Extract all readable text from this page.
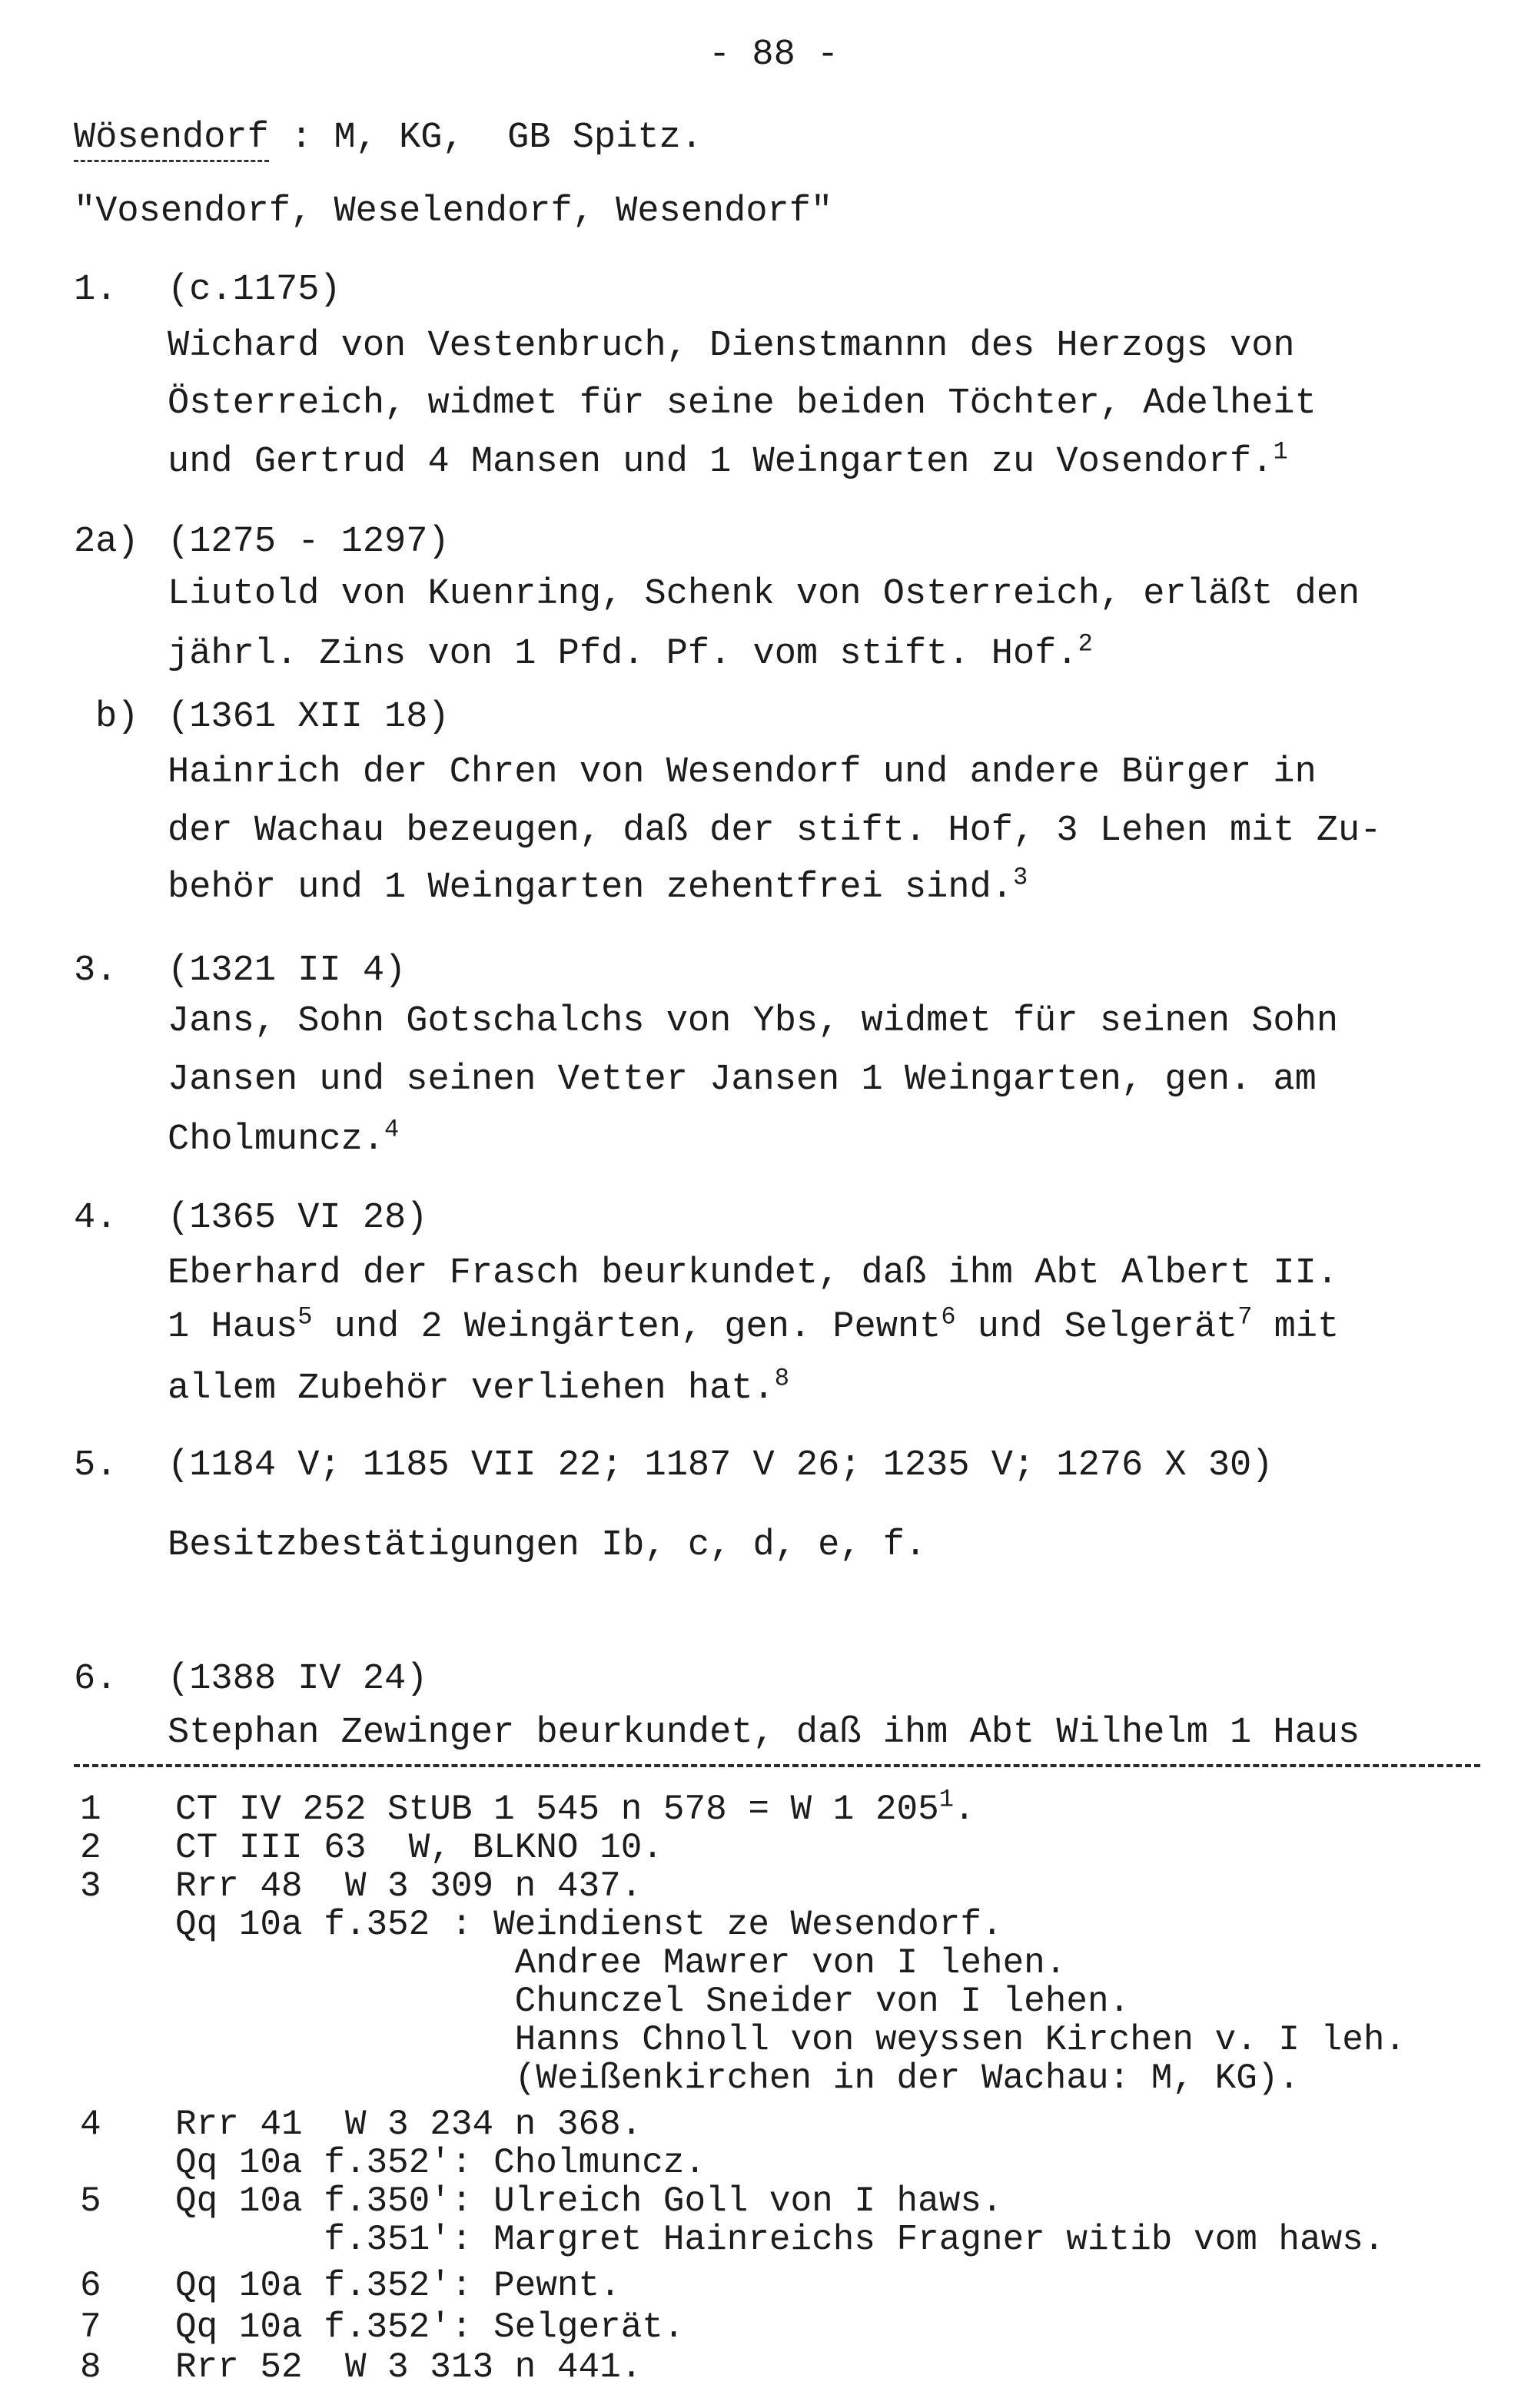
- 88 -
Wösendorf : M, KG,  GB Spitz.
"Vosendorf, Weselendorf, Wesendorf"
1. (c.1175)
Wichard von Vestenbruch, Dienstmannn des Herzogs von
Österreich, widmet für seine beiden Töchter, Adelheit
und Gertrud 4 Mansen und 1 Weingarten zu Vosendorf.$^1$
2a) (1275 - 1297)
Liutold von Kuenring, Schenk von Osterreich, erläßt den
jährl. Zins von 1 Pfd. Pf. vom stift. Hof.$^2$
b) (1361 XII 18)
Hainrich der Chren von Wesendorf und andere Bürger in
der Wachau bezeugen, daß der stift. Hof, 3 Lehen mit Zu-
behör und 1 Weingarten zehentfrei sind.$^3$
3. (1321 II 4)
Jans, Sohn Gotschalchs von Ybs, widmet für seinen Sohn
Jansen und seinen Vetter Jansen 1 Weingarten, gen. am
Cholmuncz.$^4$
4. (1365 VI 28)
Eberhard der Frasch beurkundet, daß ihm Abt Albert II.
1 Haus$^5$ und 2 Weingärten, gen. Pewnt$^6$ und Selgerät$^7$ mit
allem Zubehör verliehen hat.$^8$
5. (1184 V; 1185 VII 22; 1187 V 26; 1235 V; 1276 X 30)
Besitzbestätigungen Ib, c, d, e, f.
6. (1388 IV 24)
Stephan Zewinger beurkundet, daß ihm Abt Wilhelm 1 Haus
1 CT IV 252 StUB 1 545 n 578 = W 1 $205^1$.
2 CT III 63  W, BLKNO 10.
3 Rrr 48  W 3 309 n 437.
Qq 10a f.352 : Weindienst ze Wesendorf.
Andree Mawrer von I lehen.
Chunczel Sneider von I lehen.
Hanns Chnoll von weyssen Kirchen v. I leh.
(Weißenkirchen in der Wachau: M, KG).
4 Rrr 41  W 3 234 n 368.
Qq 10a f.352′: Cholmuncz.
5 Qq 10a f.350′: Ulreich Goll von I haws.
f.351′: Margret Hainreichs Fragner witib vom haws.
6 Qq 10a f.352′: Pewnt.
7 Qq 10a f.352′: Selgerät.
8 Rrr 52  W 3 313 n 441.
